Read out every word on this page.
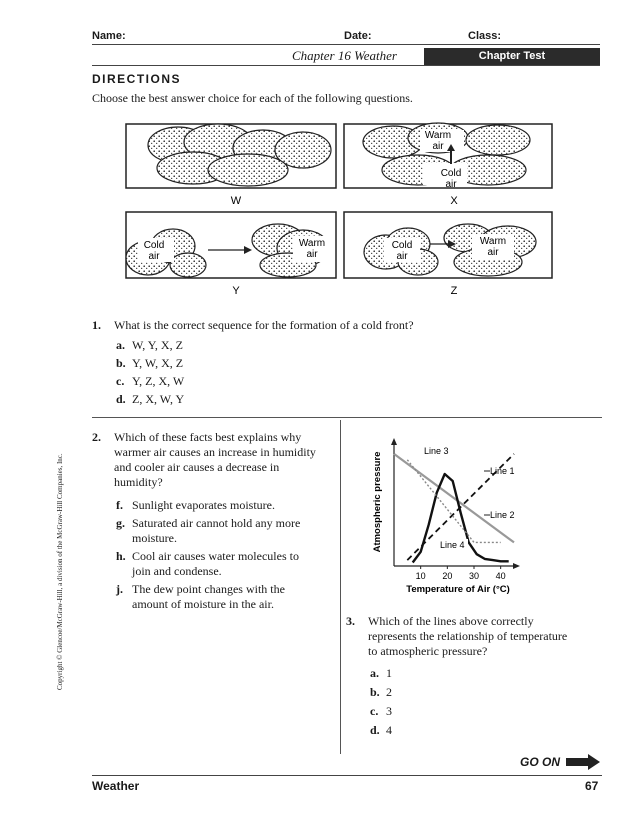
Name:	Date:	Class:
Chapter 16 Weather	Chapter Test
DIRECTIONS
Choose the best answer choice for each of the following questions.
W
Warm
air
Cold
air
X
Cold
air
Warm
air
Y
Cold
air
Warm
air
Z
1. What is the correct sequence for the formation of a cold front?
a. W, Y, X, Z
b. Y, W, X, Z
c. Y, Z, X, W
d. Z, X, W, Y
2. Which of these facts best explains why
warmer air causes an increase in humidity
and cooler air causes a decrease in
humidity?
f. Sunlight evaporates moisture.
g. Saturated air cannot hold any more
moisture.
h. Cool air causes water molecules to
join and condense.
j. The dew point changes with the
amount of moisture in the air.
Line 1
Line 2
Line 3
Line 4
10 20 30 40
Atmospheric pressure
Temperature of Air (°C)
3. Which of the lines above correctly
represents the relationship of temperature
to atmospheric pressure?
a. 1
b. 2
c. 3
d. 4
Copyright © Glencoe/McGraw-Hill, a division of the McGraw-Hill Companies, Inc.
GO ON
Weather	67
